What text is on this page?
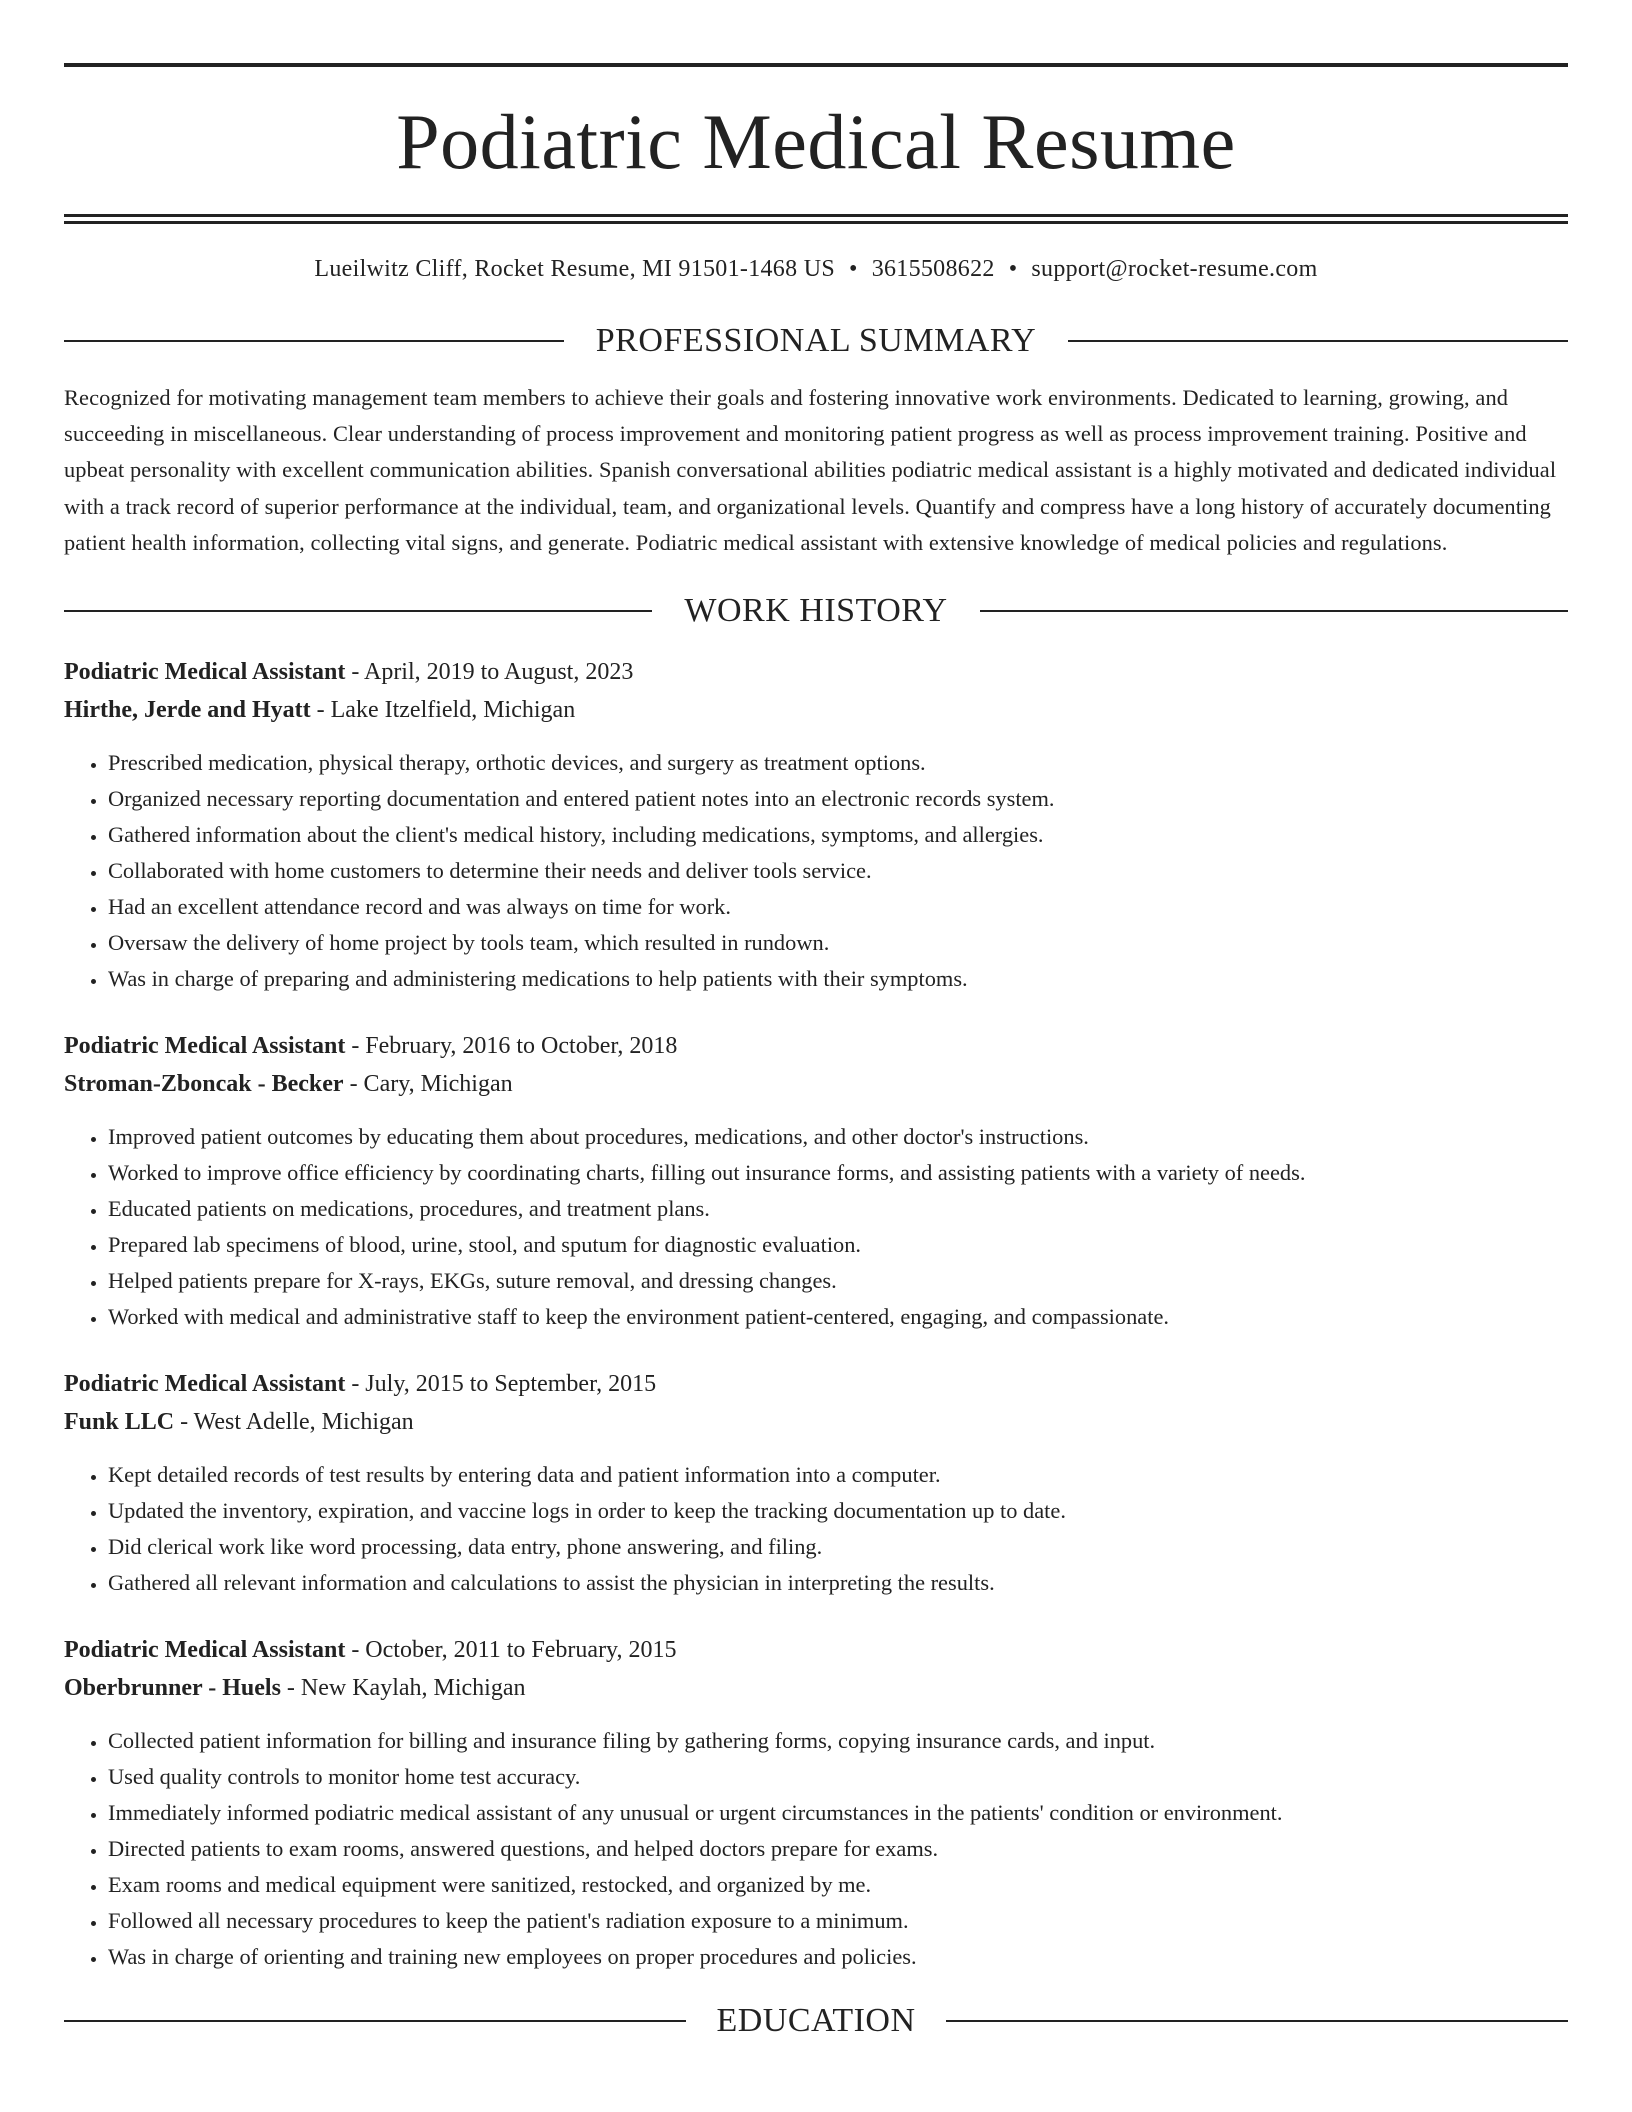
Podiatric Medical Resume
Lueilwitz Cliff, Rocket Resume, MI 91501-1468 US • 3615508622 • support@rocket-resume.com
PROFESSIONAL SUMMARY
Recognized for motivating management team members to achieve their goals and fostering innovative work environments. Dedicated to learning, growing, and succeeding in miscellaneous. Clear understanding of process improvement and monitoring patient progress as well as process improvement training. Positive and upbeat personality with excellent communication abilities. Spanish conversational abilities podiatric medical assistant is a highly motivated and dedicated individual with a track record of superior performance at the individual, team, and organizational levels. Quantify and compress have a long history of accurately documenting patient health information, collecting vital signs, and generate. Podiatric medical assistant with extensive knowledge of medical policies and regulations.
WORK HISTORY
Podiatric Medical Assistant - April, 2019 to August, 2023
Hirthe, Jerde and Hyatt - Lake Itzelfield, Michigan
• Prescribed medication, physical therapy, orthotic devices, and surgery as treatment options.
• Organized necessary reporting documentation and entered patient notes into an electronic records system.
• Gathered information about the client's medical history, including medications, symptoms, and allergies.
• Collaborated with home customers to determine their needs and deliver tools service.
• Had an excellent attendance record and was always on time for work.
• Oversaw the delivery of home project by tools team, which resulted in rundown.
• Was in charge of preparing and administering medications to help patients with their symptoms.
Podiatric Medical Assistant - February, 2016 to October, 2018
Stroman-Zboncak - Becker - Cary, Michigan
• Improved patient outcomes by educating them about procedures, medications, and other doctor's instructions.
• Worked to improve office efficiency by coordinating charts, filling out insurance forms, and assisting patients with a variety of needs.
• Educated patients on medications, procedures, and treatment plans.
• Prepared lab specimens of blood, urine, stool, and sputum for diagnostic evaluation.
• Helped patients prepare for X-rays, EKGs, suture removal, and dressing changes.
• Worked with medical and administrative staff to keep the environment patient-centered, engaging, and compassionate.
Podiatric Medical Assistant - July, 2015 to September, 2015
Funk LLC - West Adelle, Michigan
• Kept detailed records of test results by entering data and patient information into a computer.
• Updated the inventory, expiration, and vaccine logs in order to keep the tracking documentation up to date.
• Did clerical work like word processing, data entry, phone answering, and filing.
• Gathered all relevant information and calculations to assist the physician in interpreting the results.
Podiatric Medical Assistant - October, 2011 to February, 2015
Oberbrunner - Huels - New Kaylah, Michigan
• Collected patient information for billing and insurance filing by gathering forms, copying insurance cards, and input.
• Used quality controls to monitor home test accuracy.
• Immediately informed podiatric medical assistant of any unusual or urgent circumstances in the patients' condition or environment.
• Directed patients to exam rooms, answered questions, and helped doctors prepare for exams.
• Exam rooms and medical equipment were sanitized, restocked, and organized by me.
• Followed all necessary procedures to keep the patient's radiation exposure to a minimum.
• Was in charge of orienting and training new employees on proper procedures and policies.
EDUCATION
